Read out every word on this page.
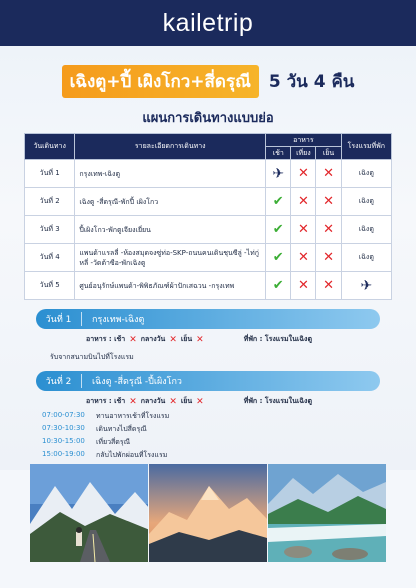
kailetrip
เฉิงตู+ปี้ เผิงโกว+สี่ดรุณี	5 วัน 4 คืน
แผนการเดินทางแบบย่อ
วันเดินทาง	รายละเอียดการเดินทาง	อาหาร			โรงแรมที่พัก
		เช้า	เที่ยง	เย็น	
วันที่ 1	กรุงเทพ-เฉิงตู	✈	✕	✕	เฉิงตู
วันที่ 2	เฉิงตู -สี่ดรุณี-พักปี้ เผิงโกว	✔	✕	✕	เฉิงตู
วันที่ 3	ปี้เผิงโกว-พักตูเจียงเยี่ยน	✔	✕	✕	เฉิงตู
วันที่ 4	แพนด้าแรลลี่ -ห้องสมุดจงซู่ท่อ-SKP-ถนนคนเดินชุนซีลู่ -ไท่กู่หลี่ -วัดต้าซือ-พักเฉิงตู	✔	✕	✕	เฉิงตู
วันที่ 5	ศูนย์อนุรักษ์แพนด้า-พิพิธภัณฑ์ผ้าปักเสฉวน -กรุงเทพ	✔	✕	✕	✈
วันที่ 1	กรุงเทพ-เฉิงตู
อาหาร : เช้า ✕ กลางวัน ✕ เย็น ✕	ที่พัก : โรงแรมในเฉิงตู
รับจากสนามบินไปที่โรงแรม
วันที่ 2	เฉิงตู -สี่ดรุณี -ปี้เผิงโกว
อาหาร : เช้า ✕ กลางวัน ✕ เย็น ✕	ที่พัก : โรงแรมในเฉิงตู
07:00-07:30	ทานอาหารเช้าที่โรงแรม
07:30-10:30	เดินทางไปสี่ดรุณี
10:30-15:00	เที่ยวสี่ดรุณี
15:00-19:00	กลับไปพักผ่อนที่โรงแรม
